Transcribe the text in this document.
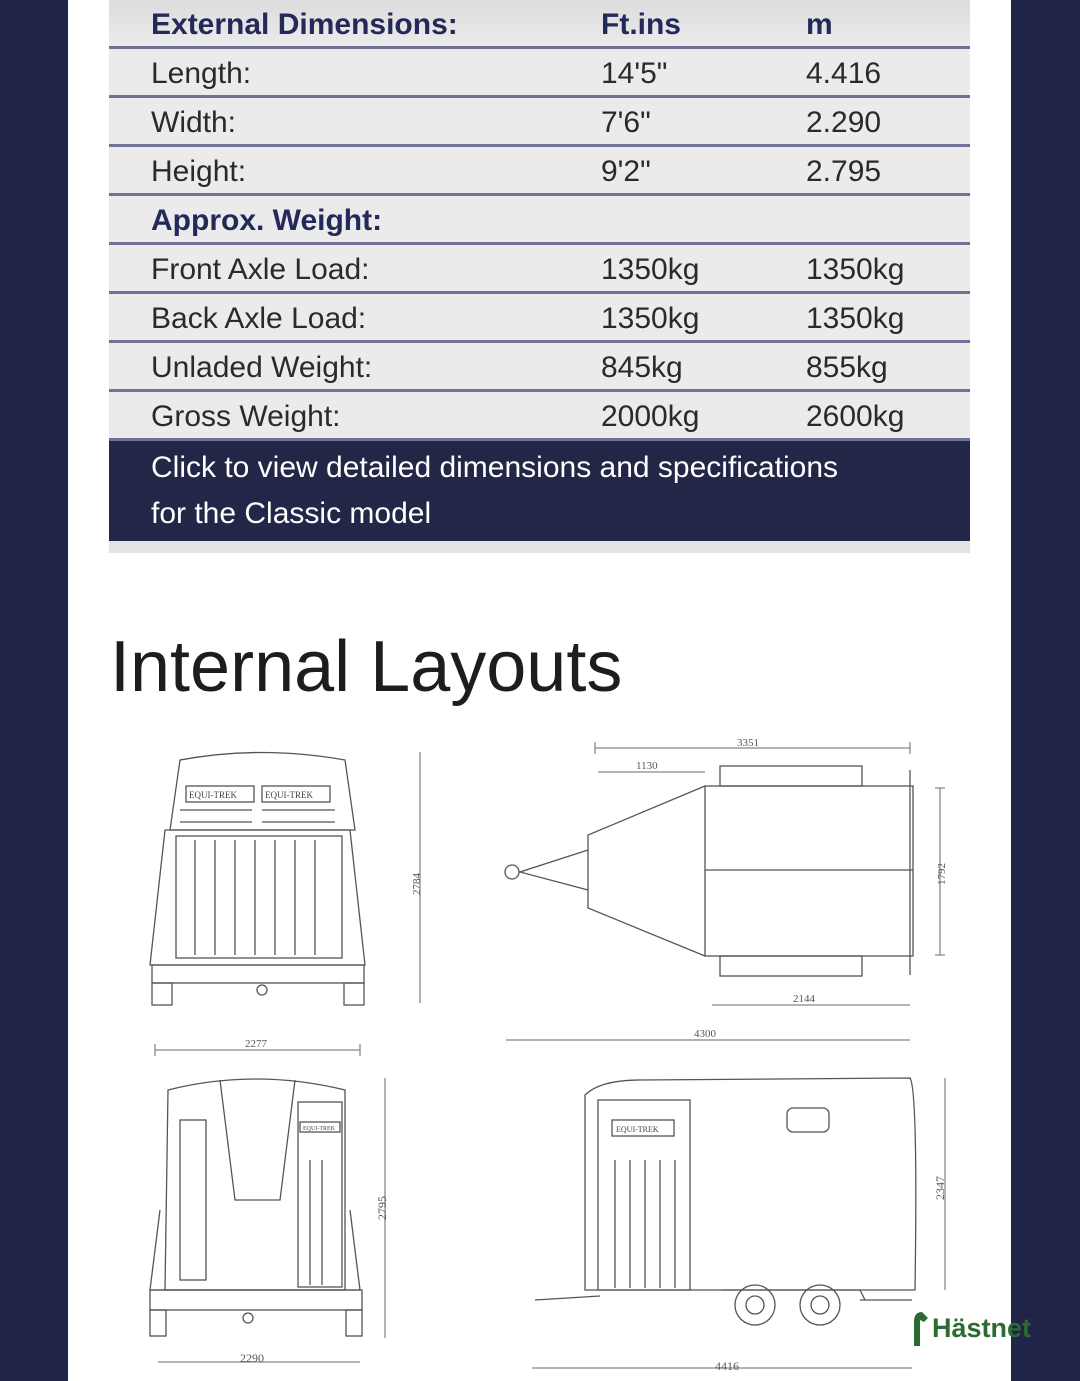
External Dimensions:	Ft.ins	m
Length:	14'5"	4.416
Width:	7'6"	2.290
Height:	9'2"	2.795
Approx. Weight:
Front Axle Load:	1350kg	1350kg
Back Axle Load:	1350kg	1350kg
Unladed Weight:	845kg	855kg
Gross Weight:	2000kg	2600kg
Click to view detailed dimensions and specifications
for the Classic model
Internal Layouts
EQUI-TREK	EQUI-TREK
2277
2784
3351
1130
1792
2144
4300
EQUI-TREK
2795
2290
EQUI-TREK
2347
4416
Hästnet
